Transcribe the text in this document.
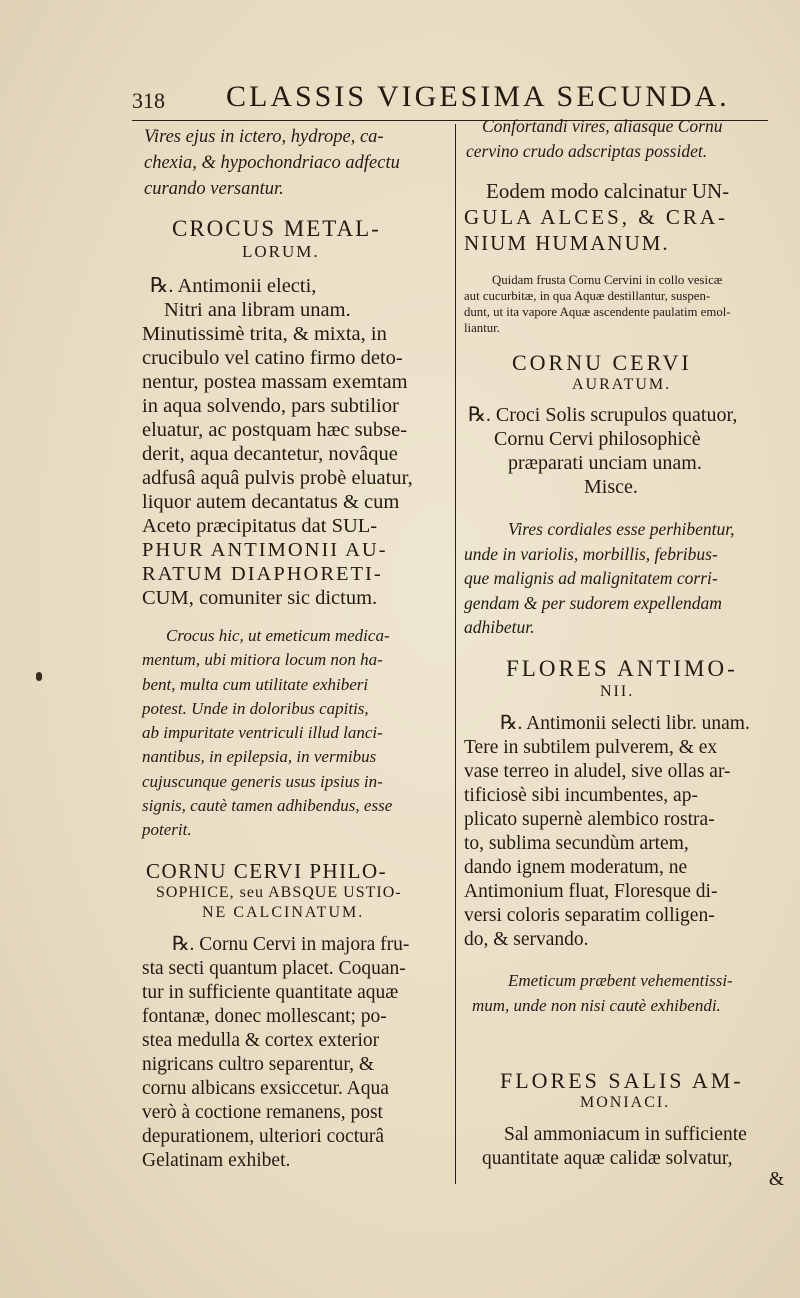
318 CLASSIS VIGESIMA SECUNDA.
Vires ejus in ictero, hydrope, ca-
chexia, & hypochondriaco adfectu
curando versantur.
CROCUS METAL-
LORUM.
℞. Antimonii electi,
Nitri ana libram unam.
Minutissimè trita, & mixta, in
crucibulo vel catino firmo deto-
nentur, postea massam exemtam
in aqua solvendo, pars subtilior
eluatur, ac postquam hæc subse-
derit, aqua decantetur, novâque
adfusâ aquâ pulvis probè eluatur,
liquor autem decantatus & cum
Aceto præcipitatus dat SUL-
PHUR ANTIMONII AU-
RATUM DIAPHORETI-
CUM, comuniter sic dictum.
Crocus hic, ut emeticum medica-
mentum, ubi mitiora locum non ha-
bent, multa cum utilitate exhiberi
potest. Unde in doloribus capitis,
ab impuritate ventriculi illud lanci-
nantibus, in epilepsia, in vermibus
cujuscunque generis usus ipsius in-
signis, cautè tamen adhibendus, esse
poterit.
CORNU CERVI PHILO-
SOPHICE, seu ABSQUE USTIO-
NE CALCINATUM.
℞. Cornu Cervi in majora fru-
sta secti quantum placet. Coquan-
tur in sufficiente quantitate aquæ
fontanæ, donec mollescant; po-
stea medulla & cortex exterior
nigricans cultro separentur, &
cornu albicans exsiccetur. Aqua
verò à coctione remanens, post
depurationem, ulteriori cocturâ
Gelatinam exhibet.
Confortandi vires, aliasque Cornu
cervino crudo adscriptas possidet.
Eodem modo calcinatur UN-
GULA ALCES, & CRA-
NIUM HUMANUM.
Quidam frusta Cornu Cervini in collo vesicæ
aut cucurbitæ, in qua Aquæ destillantur, suspen-
dunt, ut ita vapore Aquæ ascendente paulatim emol-
liantur.
CORNU CERVI
AURATUM.
℞. Croci Solis scrupulos quatuor,
Cornu Cervi philosophicè
præparati unciam unam.
Misce.
Vires cordiales esse perhibentur,
unde in variolis, morbillis, febribus-
que malignis ad malignitatem corri-
gendam & per sudorem expellendam
adhibetur.
FLORES ANTIMO-
NII.
℞. Antimonii selecti libr. unam.
Tere in subtilem pulverem, & ex
vase terreo in aludel, sive ollas ar-
tificiosè sibi incumbentes, ap-
plicato supernè alembico rostra-
to, sublima secundùm artem,
dando ignem moderatum, ne
Antimonium fluat, Floresque di-
versi coloris separatim colligen-
do, & servando.
Emeticum præbent vehementissi-
mum, unde non nisi cautè exhibendi.
FLORES SALIS AM-
MONIACI.
Sal ammoniacum in sufficiente
quantitate aquæ calidæ solvatur,
&
